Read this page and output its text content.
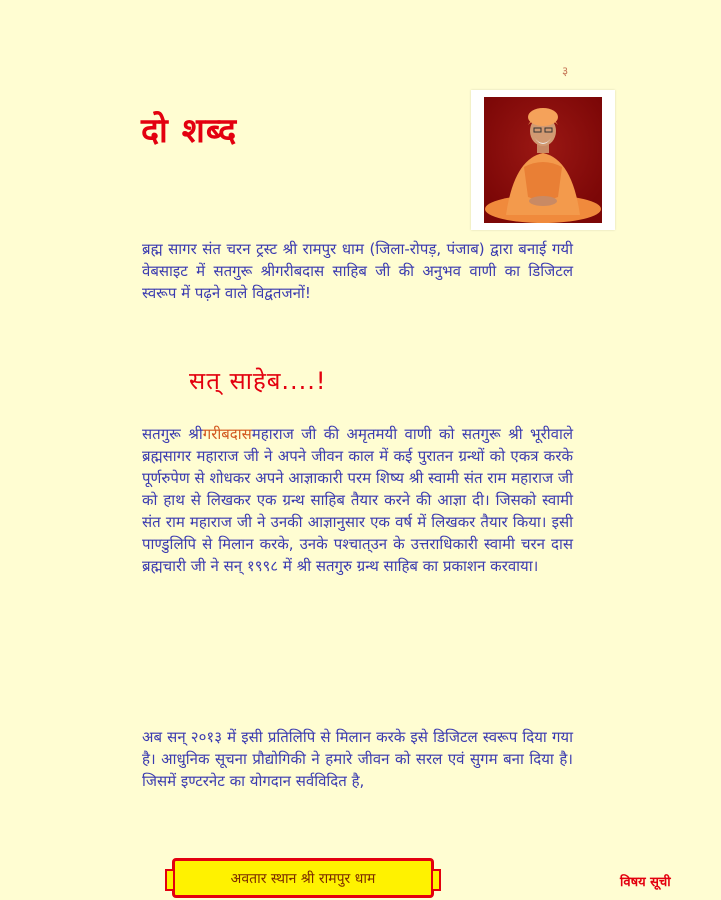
३
दो शब्द

ब्रह्म सागर संत चरन ट्रस्ट श्री रामपुर धाम (जिला-रोपड़, पंजाब) द्वारा बनाई गयी वेबसाइट में सतगुरू श्रीगरीबदास साहिब जी की अनुभव वाणी का डिजिटल स्वरूप में पढ़ने वाले विद्वतजनों!

सत् साहेब....!

सतगुरू श्रीगरीबदासमहाराज जी की अमृतमयी वाणी को सतगुरू श्री भूरीवाले ब्रह्मसागर महाराज जी ने अपने जीवन काल में कई पुरातन ग्रन्थों को एकत्र करके पूर्णरुपेण से शोधकर अपने आज्ञाकारी परम शिष्य श्री स्वामी संत राम महाराज जी को हाथ से लिखकर एक ग्रन्थ साहिब तैयार करने की आज्ञा दी। जिसको स्वामी संत राम महाराज जी ने उनकी आज्ञानुसार एक वर्ष में लिखकर तैयार किया। इसी पाण्डुलिपि से मिलान करके, उनके पश्चात्उन के उत्तराधिकारी स्वामी चरन दास ब्रह्मचारी जी ने सन् १९९८ में श्री सतगुरु ग्रन्थ साहिब का प्रकाशन करवाया।

अब सन् २०१३ में इसी प्रतिलिपि से मिलान करके इसे डिजिटल स्वरूप दिया गया है। आधुनिक सूचना प्रौद्योगिकी ने हमारे जीवन को सरल एवं सुगम बना दिया है। जिसमें इण्टरनेट का योगदान सर्वविदित है,

अवतार स्थान श्री रामपुर धाम	विषय सूची
